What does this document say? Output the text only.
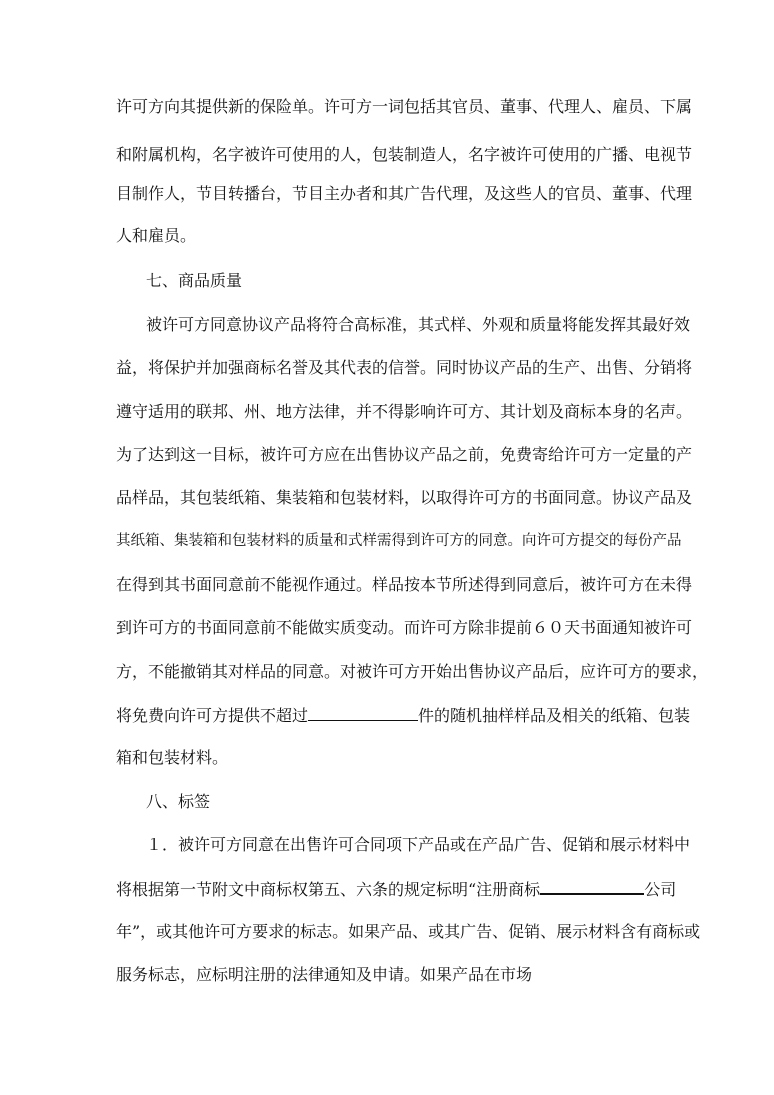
许可方向其提供新的保险单。许可方一词包括其官员、董事、代理人、雇员、下属
和附属机构，名字被许可使用的人，包装制造人，名字被许可使用的广播、电视节
目制作人，节目转播台，节目主办者和其广告代理，及这些人的官员、董事、代理
人和雇员。
七、商品质量
被许可方同意协议产品将符合高标准，其式样、外观和质量将能发挥其最好效
益，将保护并加强商标名誉及其代表的信誉。同时协议产品的生产、出售、分销将
遵守适用的联邦、州、地方法律，并不得影响许可方、其计划及商标本身的名声。
为了达到这一目标，被许可方应在出售协议产品之前，免费寄给许可方一定量的产
品样品，其包装纸箱、集装箱和包装材料，以取得许可方的书面同意。协议产品及
其纸箱、集装箱和包装材料的质量和式样需得到许可方的同意。向许可方提交的每份产品
在得到其书面同意前不能视作通过。样品按本节所述得到同意后，被许可方在未得
到许可方的书面同意前不能做实质变动。而许可方除非提前６０天书面通知被许可
方，不能撤销其对样品的同意。对被许可方开始出售协议产品后，应许可方的要求，
将免费向许可方提供不超过	件的随机抽样样品及相关的纸箱、包装
箱和包装材料。
八、标签
１．被许可方同意在出售许可合同项下产品或在产品广告、促销和展示材料中
将根据第一节附文中商标权第五、六条的规定标明“注册商标	公司
年”，或其他许可方要求的标志。如果产品、或其广告、促销、展示材料含有商标或
服务标志，应标明注册的法律通知及申请。如果产品在市场
